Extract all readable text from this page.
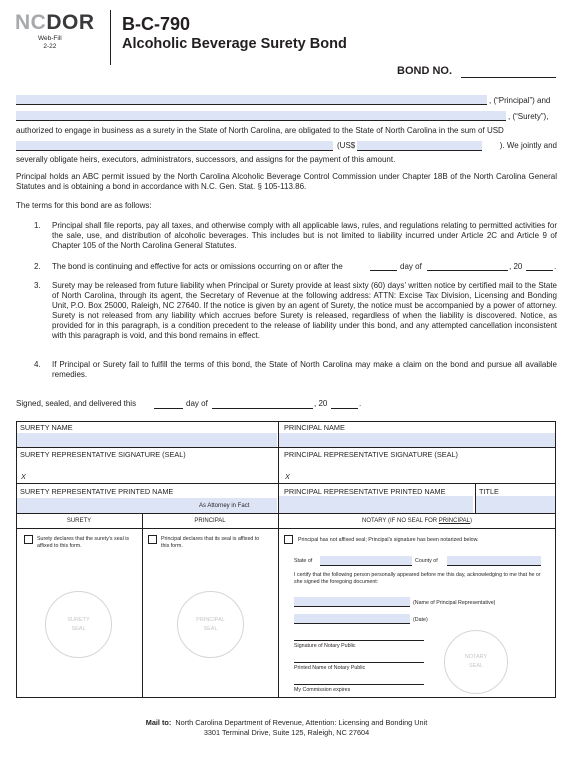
NCDOR
Web-Fill
2-22
B-C-790
Alcoholic Beverage Surety Bond
BOND NO.
, (“Principal”) and
, (“Surety”),
authorized to engage in business as a surety in the State of North Carolina, are obligated to the State of North Carolina in the sum of USD
(US$	). We jointly and
severally obligate heirs, executors, administrators, successors, and assigns for the payment of this amount.
Principal holds an ABC permit issued by the North Carolina Alcoholic Beverage Control Commission under Chapter 18B of the North Carolina General Statutes and is obtaining a bond in accordance with N.C. Gen. Stat. § 105-113.86.
The terms for this bond are as follows:
1. Principal shall file reports, pay all taxes, and otherwise comply with all applicable laws, rules, and regulations relating to permitted activities for the sale, use, and distribution of alcoholic beverages. This includes but is not limited to liability incurred under Article 2C and Article 9 of Chapter 105 of the North Carolina General Statutes.
2. The bond is continuing and effective for acts or omissions occurring on or after the	day of	, 20	.
3. Surety may be released from future liability when Principal or Surety provide at least sixty (60) days’ written notice by certified mail to the State of North Carolina, through its agent, the Secretary of Revenue at the following address: ATTN: Excise Tax Division, Licensing and Bonding Unit, P.O. Box 25000, Raleigh, NC 27640. If the notice is given by an agent of Surety, the notice must be accompanied by a power of attorney. Surety is not released from any liability which accrues before Surety is released, regardless of when the liability is discovered. Notice, as provided for in this paragraph, is a condition precedent to the release of liability under this bond, and any attempted cancellation inconsistent with this paragraph is void, and this bond remains in effect.
4. If Principal or Surety fail to fulfill the terms of this bond, the State of North Carolina may make a claim on the bond and pursue all available remedies.
Signed, sealed, and delivered this	day of	, 20	.
SURETY NAME	PRINCIPAL NAME
SURETY REPRESENTATIVE SIGNATURE (SEAL)	PRINCIPAL REPRESENTATIVE SIGNATURE (SEAL)
X	X
SURETY REPRESENTATIVE PRINTED NAME	PRINCIPAL REPRESENTATIVE PRINTED NAME	TITLE
As Attorney in Fact
SURETY	PRINCIPAL	NOTARY (IF NO SEAL FOR PRINCIPAL)
Surety declares that the surety’s seal is affixed to this form.
SURETY
SEAL
Principal declares that its seal is affixed to this form.
PRINCIPAL
SEAL
Principal has not affixed seal; Principal’s signature has been notarized below.
State of	County of
I certify that the following person personally appeared before me this day, acknowledging to me that he or she signed the foregoing document:
(Name of Principal Representative)
(Date)
Signature of Notary Public
Printed Name of Notary Public
My Commission expires
NOTARY
SEAL
Mail to: North Carolina Department of Revenue, Attention: Licensing and Bonding Unit
3301 Terminal Drive, Suite 125, Raleigh, NC 27604
